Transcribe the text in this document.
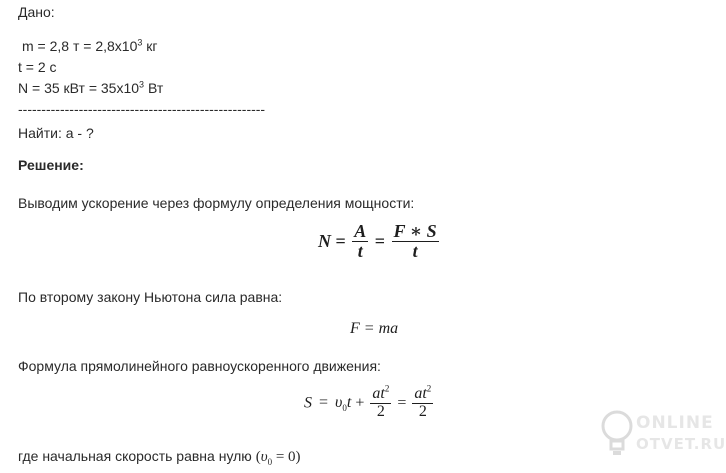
Дано:
m = 2,8 $т = 2,8x10^3$ кг
t = 2 с
N = 35 кВт = $35x10^3$ Вт
-----------------------------------------------------
Найти: a - ?
Решение:
Выводим ускорение через формулу определения мощности:
$N = \frac{A}{t} = \frac{F ∗ S}{t}$
По второму закону Ньютона сила равна:
F = ma
Формула прямолинейного равноускоренного движения:
$S = \upsilon_0t + \frac{at^2}{2} = \frac{at^2}{2}$
где начальная скорость равна нулю $(\upsilon_0 = 0)$
ONLINE
OTVET.RU
